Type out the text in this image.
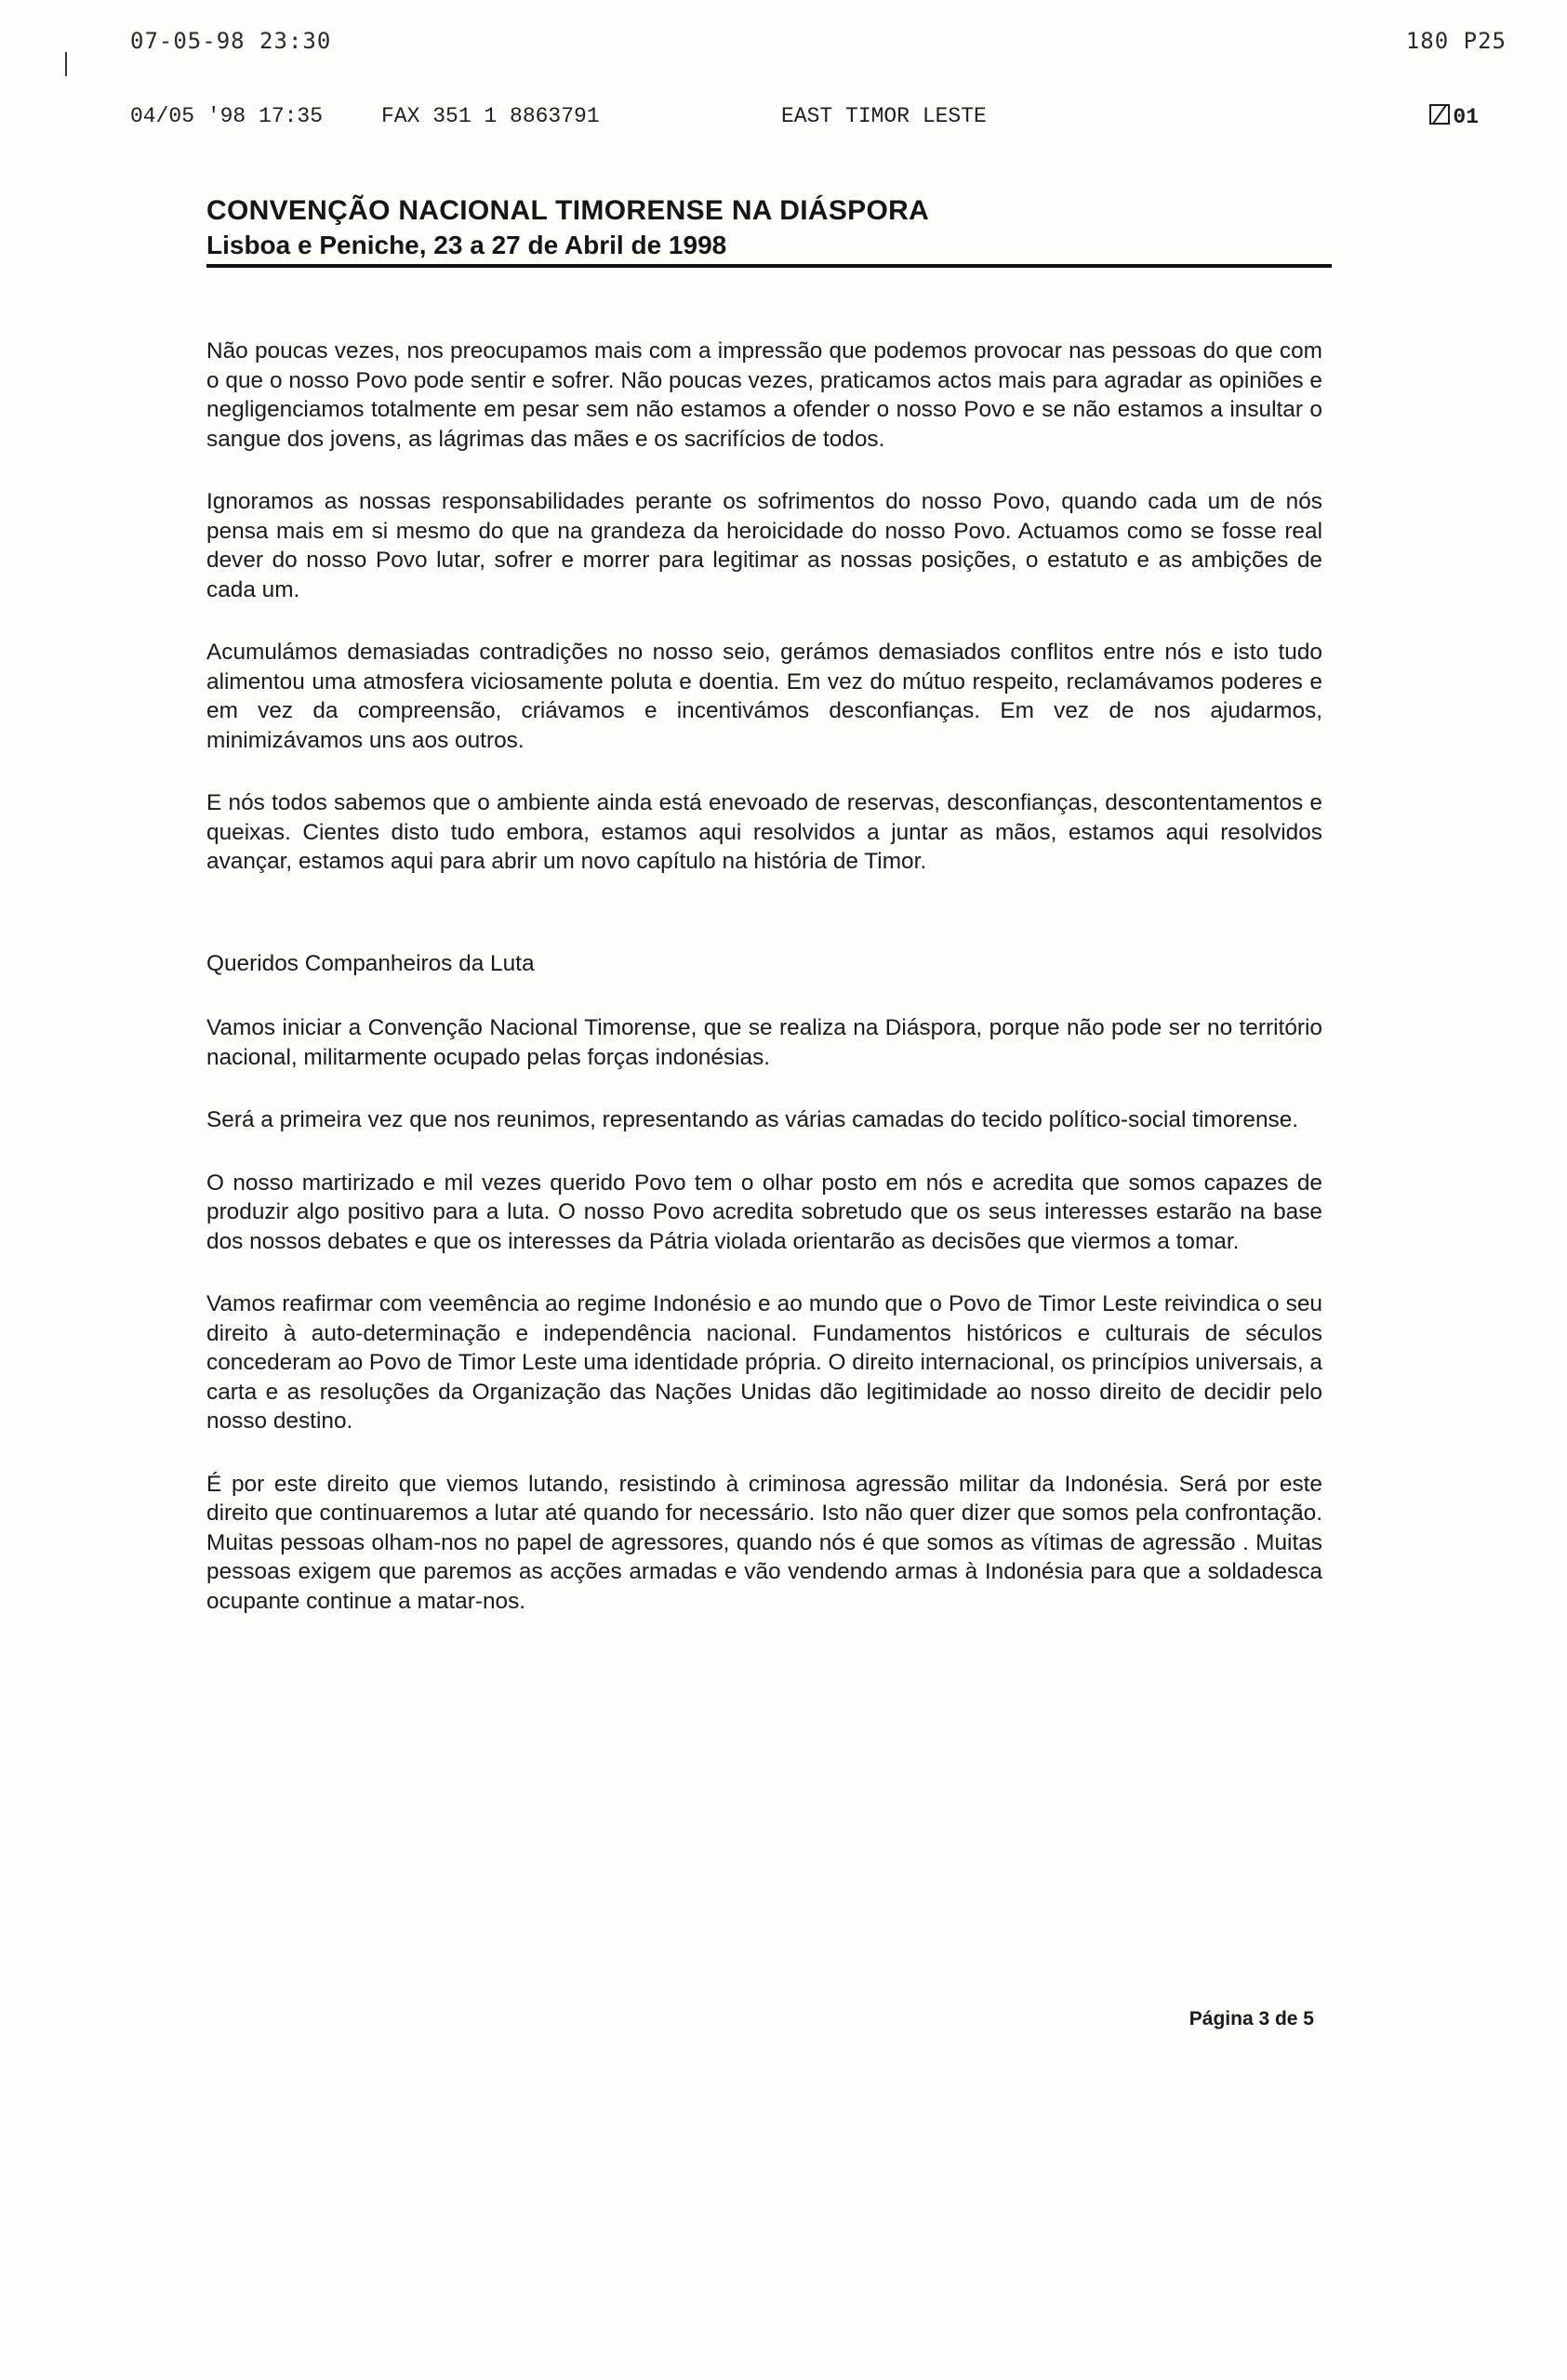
07-05-98 23:30	180 P25
04/05 '98 17:35	FAX 351 1 8863791	EAST TIMOR LESTE	01
CONVENÇÃO NACIONAL TIMORENSE NA DIÁSPORA
Lisboa e Peniche, 23 a 27 de Abril de 1998

Não poucas vezes, nos preocupamos mais com a impressão que podemos provocar nas pessoas do que com o que o nosso Povo pode sentir e sofrer. Não poucas vezes, praticamos actos mais para agradar as opiniões e negligenciamos totalmente em pesar sem não estamos a ofender o nosso Povo e se não estamos a insultar o sangue dos jovens, as lágrimas das mães e os sacrifícios de todos.

Ignoramos as nossas responsabilidades perante os sofrimentos do nosso Povo, quando cada um de nós pensa mais em si mesmo do que na grandeza da heroicidade do nosso Povo. Actuamos como se fosse real dever do nosso Povo lutar, sofrer e morrer para legitimar as nossas posições, o estatuto e as ambições de cada um.

Acumulámos demasiadas contradições no nosso seio, gerámos demasiados conflitos entre nós e isto tudo alimentou uma atmosfera viciosamente poluta e doentia. Em vez do mútuo respeito, reclamávamos poderes e em vez da compreensão, criávamos e incentivámos desconfianças. Em vez de nos ajudarmos, minimizávamos uns aos outros.

E nós todos sabemos que o ambiente ainda está enevoado de reservas, desconfianças, descontentamentos e queixas. Cientes disto tudo embora, estamos aqui resolvidos a juntar as mãos, estamos aqui resolvidos avançar, estamos aqui para abrir um novo capítulo na história de Timor.

Queridos Companheiros da Luta

Vamos iniciar a Convenção Nacional Timorense, que se realiza na Diáspora, porque não pode ser no território nacional, militarmente ocupado pelas forças indonésias.

Será a primeira vez que nos reunimos, representando as várias camadas do tecido político-social timorense.

O nosso martirizado e mil vezes querido Povo tem o olhar posto em nós e acredita que somos capazes de produzir algo positivo para a luta. O nosso Povo acredita sobretudo que os seus interesses estarão na base dos nossos debates e que os interesses da Pátria violada orientarão as decisões que viermos a tomar.

Vamos reafirmar com veemência ao regime Indonésio e ao mundo que o Povo de Timor Leste reivindica o seu direito à auto-determinação e independência nacional. Fundamentos históricos e culturais de séculos concederam ao Povo de Timor Leste uma identidade própria. O direito internacional, os princípios universais, a carta e as resoluções da Organização das Nações Unidas dão legitimidade ao nosso direito de decidir pelo nosso destino.

É por este direito que viemos lutando, resistindo à criminosa agressão militar da Indonésia. Será por este direito que continuaremos a lutar até quando for necessário. Isto não quer dizer que somos pela confrontação. Muitas pessoas olham-nos no papel de agressores, quando nós é que somos as vítimas de agressão . Muitas pessoas exigem que paremos as acções armadas e vão vendendo armas à Indonésia para que a soldadesca ocupante continue a matar-nos.

Página 3 de 5
